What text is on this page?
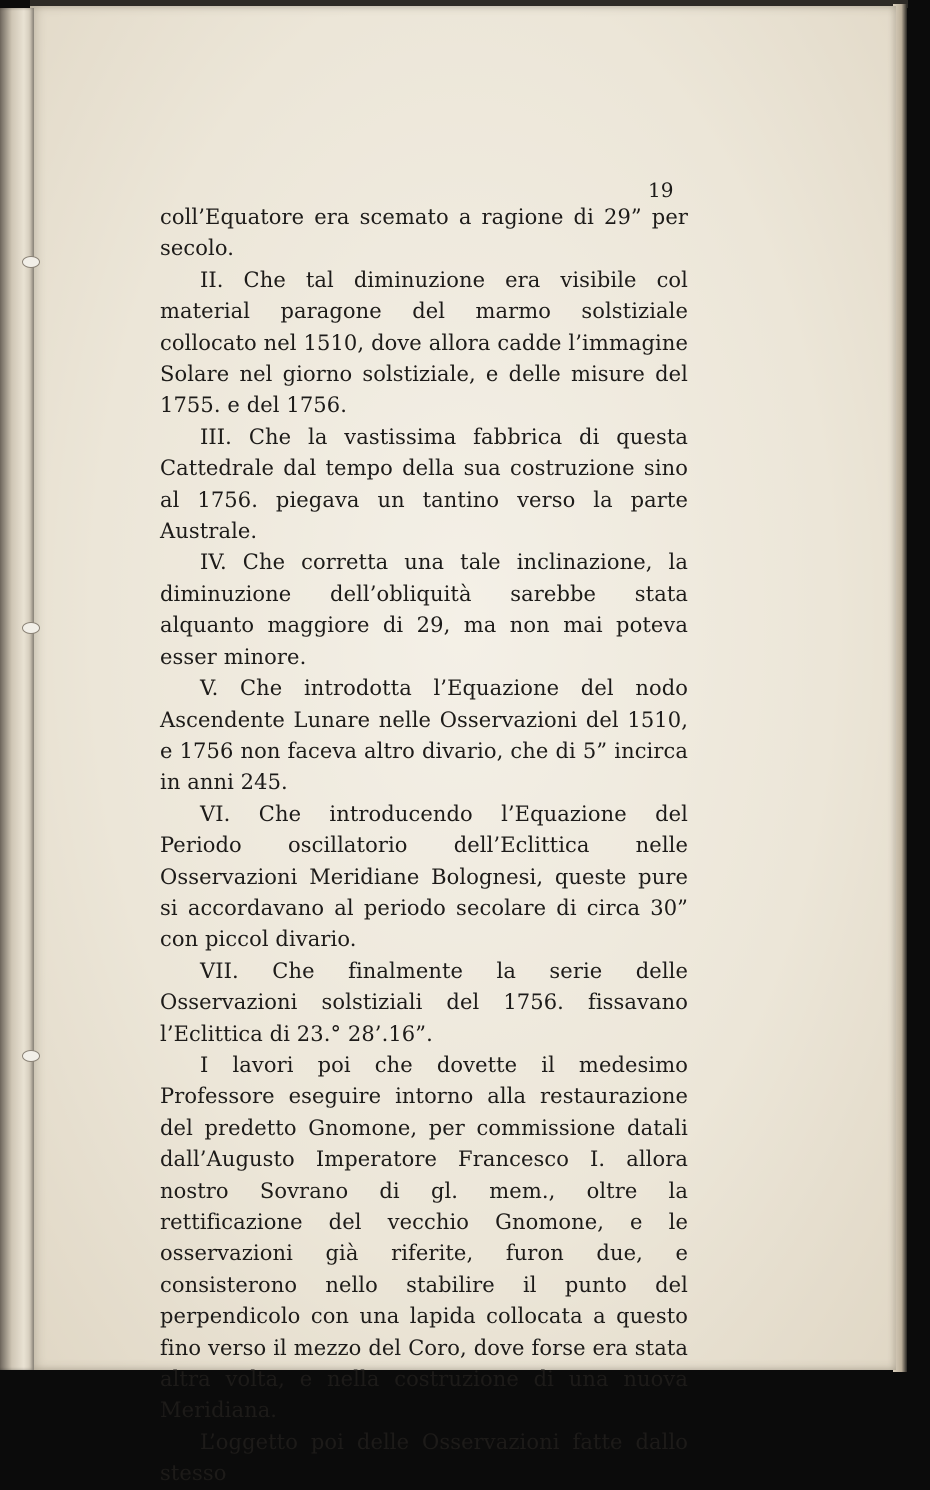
19

coll’Equatore era scemato a ragione di 29” per secolo.

II. Che tal diminuzione era visibile col material paragone del marmo solstiziale collocato nel 1510, dove allora cadde l’immagine Solare nel giorno solstiziale, e delle misure del 1755. e del 1756.

III. Che la vastissima fabbrica di questa Cattedrale dal tempo della sua costruzione sino al 1756. piegava un tantino verso la parte Australe.

IV. Che corretta una tale inclinazione, la diminuzione dell’obliquità sarebbe stata alquanto maggiore di 29, ma non mai poteva esser minore.

V. Che introdotta l’Equazione del nodo Ascendente Lunare nelle Osservazioni del 1510, e 1756 non faceva altro divario, che di 5” incirca in anni 245.

VI. Che introducendo l’Equazione del Periodo oscillatorio dell’Eclittica nelle Osservazioni Meridiane Bolognesi, queste pure si accordavano al periodo secolare di circa 30” con piccol divario.

VII. Che finalmente la serie delle Osservazioni solstiziali del 1756. fissavano l’Eclittica di 23.° 28’.16”.

I lavori poi che dovette il medesimo Professore eseguire intorno alla restaurazione del predetto Gnomone, per commissione datali dall’Augusto Imperatore Francesco I. allora nostro Sovrano di gl. mem., oltre la rettificazione del vecchio Gnomone, e le osservazioni già riferite, furon due, e consisterono nello stabilire il punto del perpendicolo con una lapida collocata a questo fino verso il mezzo del Coro, dove forse era stata altra volta, e nella costruzione di una nuova Meridiana.

L’oggetto poi delle Osservazioni fatte dallo stesso
